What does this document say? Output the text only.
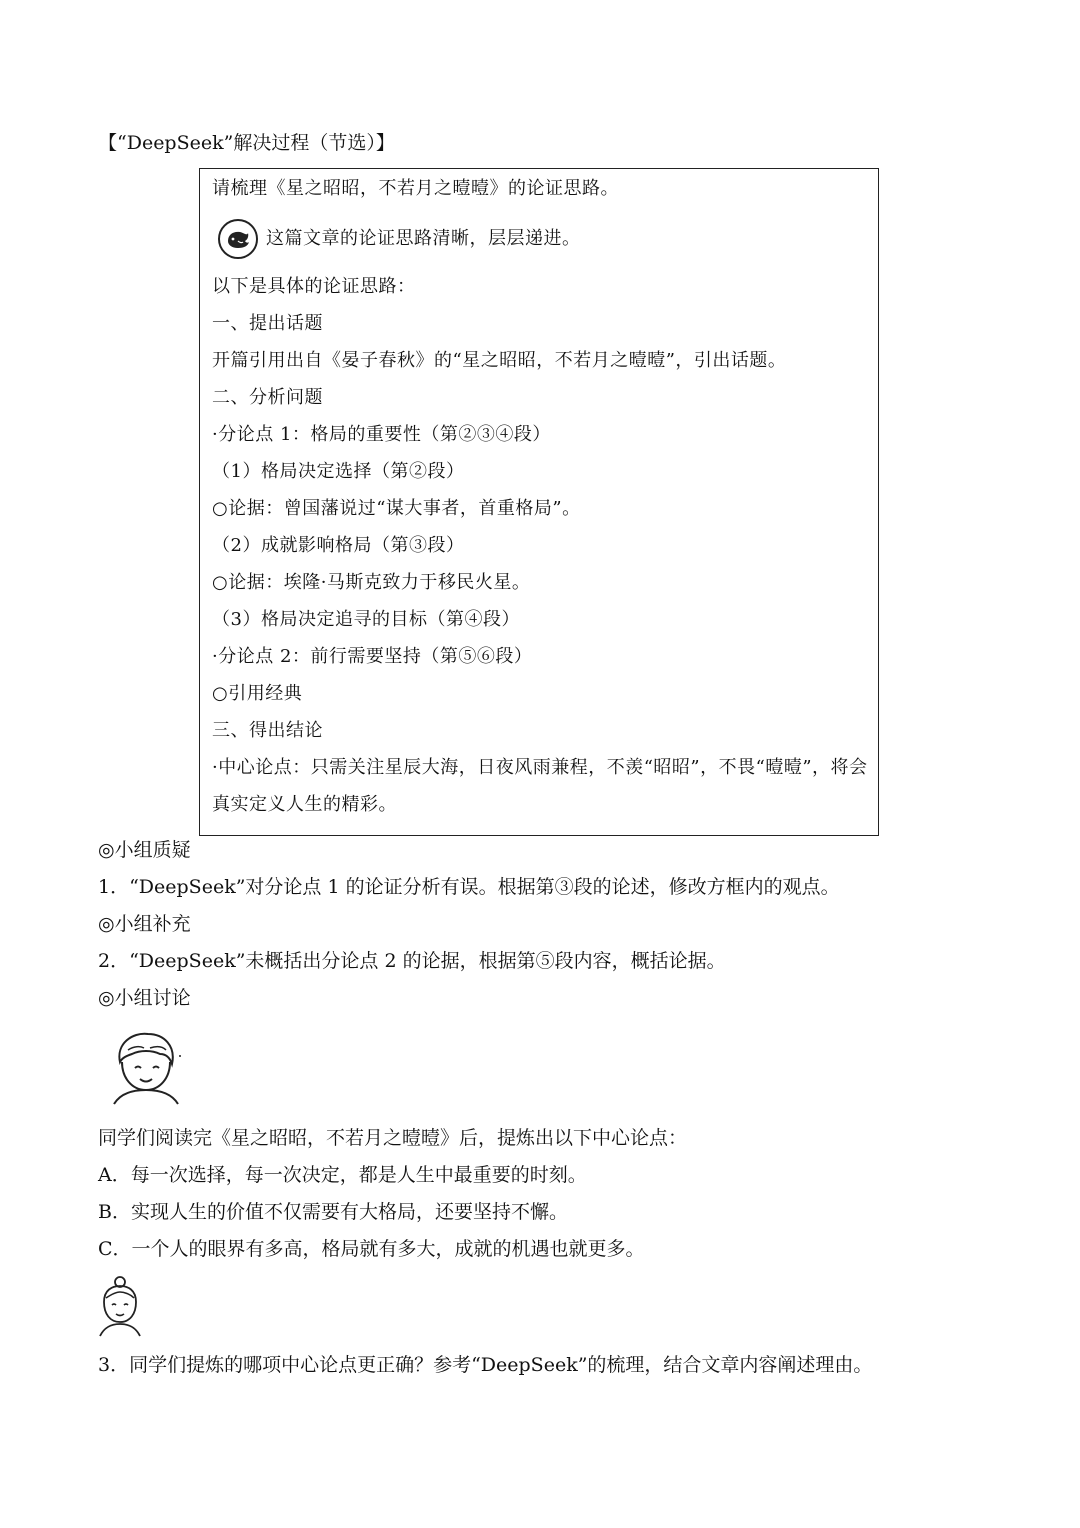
【“DeepSeek”解决过程（节选）】
请梳理《星之昭昭，不若月之曀曀》的论证思路。
这篇文章的论证思路清晰，层层递进。
以下是具体的论证思路：
一、提出话题
开篇引用出自《晏子春秋》的“星之昭昭，不若月之曀曀”，引出话题。
二、分析问题
·分论点 1：格局的重要性（第②③④段）
（1）格局决定选择（第②段）
○论据：曾国藩说过“谋大事者，首重格局”。
（2）成就影响格局（第③段）
○论据：埃隆·马斯克致力于移民火星。
（3）格局决定追寻的目标（第④段）
·分论点 2：前行需要坚持（第⑤⑥段）
○引用经典
三、得出结论
·中心论点：只需关注星辰大海，日夜风雨兼程，不羡“昭昭”，不畏“曀曀”，将会
真实定义人生的精彩。
◎小组质疑
1．“DeepSeek”对分论点 1 的论证分析有误。根据第③段的论述，修改方框内的观点。
◎小组补充
2．“DeepSeek”未概括出分论点 2 的论据，根据第⑤段内容，概括论据。
◎小组讨论
同学们阅读完《星之昭昭，不若月之曀曀》后，提炼出以下中心论点：
A．每一次选择，每一次决定，都是人生中最重要的时刻。
B．实现人生的价值不仅需要有大格局，还要坚持不懈。
C．一个人的眼界有多高，格局就有多大，成就的机遇也就更多。
3．同学们提炼的哪项中心论点更正确？参考“DeepSeek”的梳理，结合文章内容阐述理由。
